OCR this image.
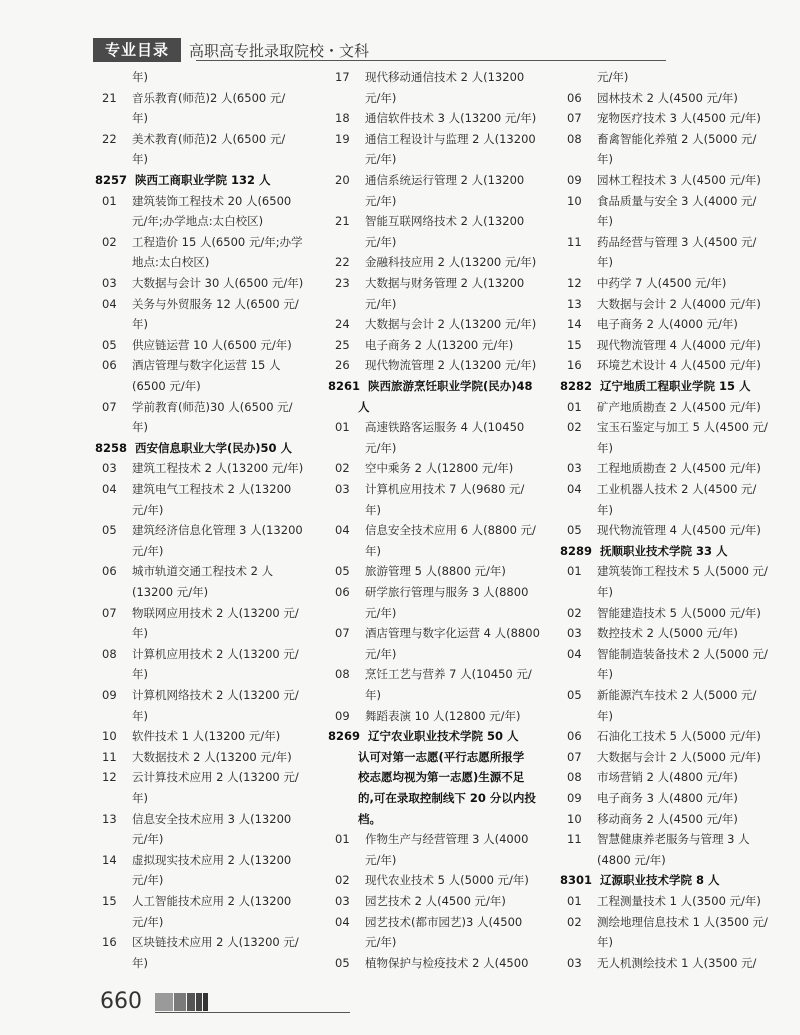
专业目录	高职高专批录取院校・文科
年)
21 音乐教育(师范)2 人(6500 元/
年)
22 美术教育(师范)2 人(6500 元/
年)
8257 陕西工商职业学院 132 人
01 建筑装饰工程技术 20 人(6500
元/年;办学地点:太白校区)
02 工程造价 15 人(6500 元/年;办学
地点:太白校区)
03 大数据与会计 30 人(6500 元/年)
04 关务与外贸服务 12 人(6500 元/
年)
05 供应链运营 10 人(6500 元/年)
06 酒店管理与数字化运营 15 人
(6500 元/年)
07 学前教育(师范)30 人(6500 元/
年)
8258 西安信息职业大学(民办)50 人
03 建筑工程技术 2 人(13200 元/年)
04 建筑电气工程技术 2 人(13200
元/年)
05 建筑经济信息化管理 3 人(13200
元/年)
06 城市轨道交通工程技术 2 人
(13200 元/年)
07 物联网应用技术 2 人(13200 元/
年)
08 计算机应用技术 2 人(13200 元/
年)
09 计算机网络技术 2 人(13200 元/
年)
10 软件技术 1 人(13200 元/年)
11 大数据技术 2 人(13200 元/年)
12 云计算技术应用 2 人(13200 元/
年)
13 信息安全技术应用 3 人(13200
元/年)
14 虚拟现实技术应用 2 人(13200
元/年)
15 人工智能技术应用 2 人(13200
元/年)
16 区块链技术应用 2 人(13200 元/
年)
17 现代移动通信技术 2 人(13200
元/年)
18 通信软件技术 3 人(13200 元/年)
19 通信工程设计与监理 2 人(13200
元/年)
20 通信系统运行管理 2 人(13200
元/年)
21 智能互联网络技术 2 人(13200
元/年)
22 金融科技应用 2 人(13200 元/年)
23 大数据与财务管理 2 人(13200
元/年)
24 大数据与会计 2 人(13200 元/年)
25 电子商务 2 人(13200 元/年)
26 现代物流管理 2 人(13200 元/年)
8261 陕西旅游烹饪职业学院(民办)48
人
01 高速铁路客运服务 4 人(10450
元/年)
02 空中乘务 2 人(12800 元/年)
03 计算机应用技术 7 人(9680 元/
年)
04 信息安全技术应用 6 人(8800 元/
年)
05 旅游管理 5 人(8800 元/年)
06 研学旅行管理与服务 3 人(8800
元/年)
07 酒店管理与数字化运营 4 人(8800
元/年)
08 烹饪工艺与营养 7 人(10450 元/
年)
09 舞蹈表演 10 人(12800 元/年)
8269 辽宁农业职业技术学院 50 人
认可对第一志愿(平行志愿所报学
校志愿均视为第一志愿)生源不足
的,可在录取控制线下 20 分以内投
档。
01 作物生产与经营管理 3 人(4000
元/年)
02 现代农业技术 5 人(5000 元/年)
03 园艺技术 2 人(4500 元/年)
04 园艺技术(都市园艺)3 人(4500
元/年)
05 植物保护与检疫技术 2 人(4500
元/年)
06 园林技术 2 人(4500 元/年)
07 宠物医疗技术 3 人(4500 元/年)
08 畜禽智能化养殖 2 人(5000 元/
年)
09 园林工程技术 3 人(4500 元/年)
10 食品质量与安全 3 人(4000 元/
年)
11 药品经营与管理 3 人(4500 元/
年)
12 中药学 7 人(4500 元/年)
13 大数据与会计 2 人(4000 元/年)
14 电子商务 2 人(4000 元/年)
15 现代物流管理 4 人(4000 元/年)
16 环境艺术设计 4 人(4500 元/年)
8282 辽宁地质工程职业学院 15 人
01 矿产地质勘查 2 人(4500 元/年)
02 宝玉石鉴定与加工 5 人(4500 元/
年)
03 工程地质勘查 2 人(4500 元/年)
04 工业机器人技术 2 人(4500 元/
年)
05 现代物流管理 4 人(4500 元/年)
8289 抚顺职业技术学院 33 人
01 建筑装饰工程技术 5 人(5000 元/
年)
02 智能建造技术 5 人(5000 元/年)
03 数控技术 2 人(5000 元/年)
04 智能制造装备技术 2 人(5000 元/
年)
05 新能源汽车技术 2 人(5000 元/
年)
06 石油化工技术 5 人(5000 元/年)
07 大数据与会计 2 人(5000 元/年)
08 市场营销 2 人(4800 元/年)
09 电子商务 3 人(4800 元/年)
10 移动商务 2 人(4500 元/年)
11 智慧健康养老服务与管理 3 人
(4800 元/年)
8301 辽源职业技术学院 8 人
01 工程测量技术 1 人(3500 元/年)
02 测绘地理信息技术 1 人(3500 元/
年)
03 无人机测绘技术 1 人(3500 元/
660
